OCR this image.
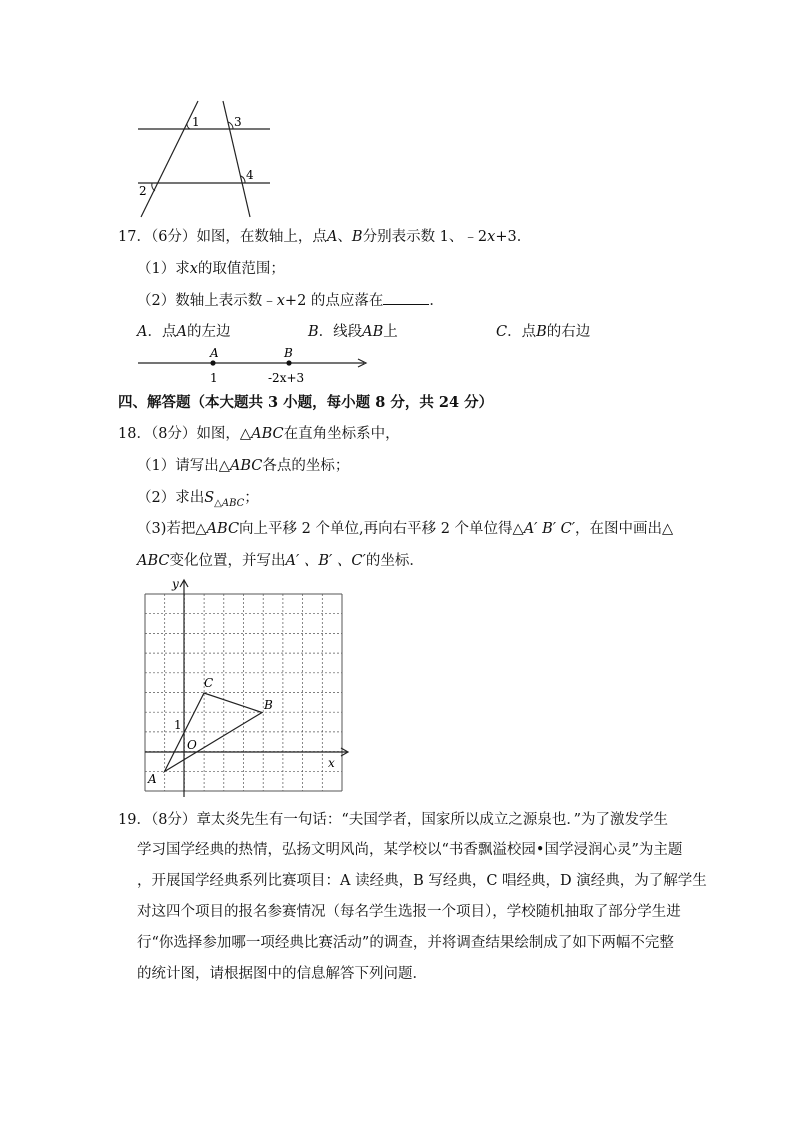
1	3
4
2
17．（6分）如图，在数轴上，点A、B分别表示数 1、﹣2x+3．
（1）求x的取值范围；
（2）数轴上表示数﹣x+2 的点应落在	．
A．点A的左边	B．线段AB上	C．点B的右边
A	B
1	-2x+3
四、解答题（本大题共 3 小题，每小题 8 分，共 24 分）
18．（8分）如图，△ABC在直角坐标系中，
（1）请写出△ABC各点的坐标；
（2）求出$S_{\triangle ABC}$；
（3)若把△ABC向上平移 2 个单位,再向右平移 2 个单位得△A′ B′ C′，在图中画出△
ABC变化位置，并写出A′ 、B′ 、C′的坐标．
x
y
O
1
A
B
C
19．（8分）章太炎先生有一句话：“夫国学者，国家所以成立之源泉也．”为了激发学生
学习国学经典的热情，弘扬文明风尚，某学校以“书香飘溢校园•国学浸润心灵”为主题
，开展国学经典系列比赛项目：A 读经典，B 写经典，C 唱经典，D 演经典，为了解学生
对这四个项目的报名参赛情况（每名学生选报一个项目），学校随机抽取了部分学生进
行“你选择参加哪一项经典比赛活动”的调查，并将调查结果绘制成了如下两幅不完整
的统计图，请根据图中的信息解答下列问题．
